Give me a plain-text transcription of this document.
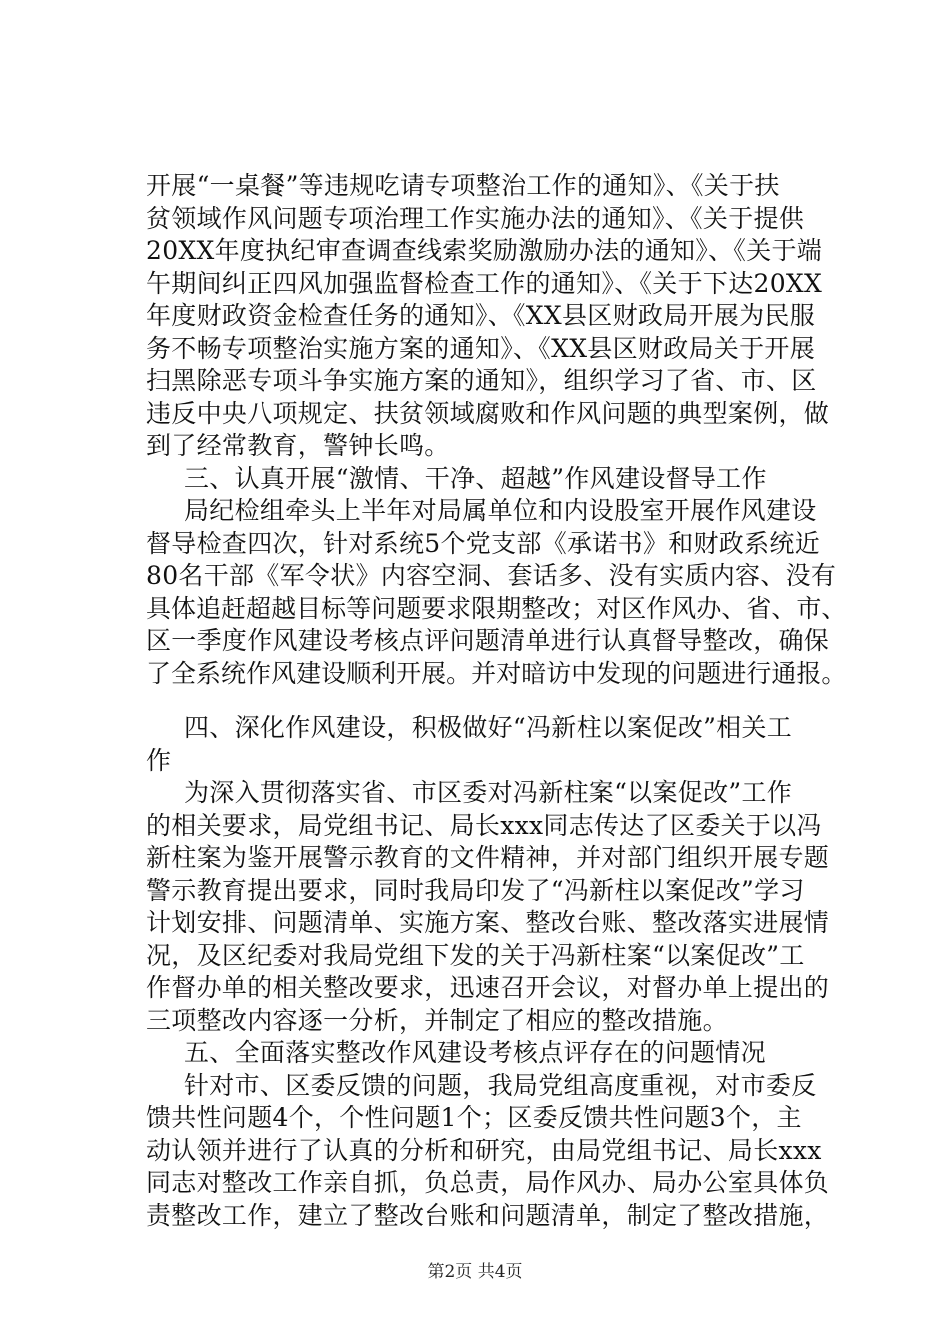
开展“一桌餐”等违规吃请专项整治工作的通知》、《关于扶
贫领域作风问题专项治理工作实施办法的通知》、《关于提供
20XX年度执纪审查调查线索奖励激励办法的通知》、《关于端
午期间纠正四风加强监督检查工作的通知》、《关于下达20XX
年度财政资金检查任务的通知》、《XX县区财政局开展为民服
务不畅专项整治实施方案的通知》、《XX县区财政局关于开展
扫黑除恶专项斗争实施方案的通知》，组织学习了省、市、区
违反中央八项规定、扶贫领域腐败和作风问题的典型案例，做
到了经常教育，警钟长鸣。
三、认真开展“激情、干净、超越”作风建设督导工作
局纪检组牵头上半年对局属单位和内设股室开展作风建设
督导检查四次，针对系统5个党支部《承诺书》和财政系统近
80名干部《军令状》内容空洞、套话多、没有实质内容、没有
具体追赶超越目标等问题要求限期整改；对区作风办、省、市、
区一季度作风建设考核点评问题清单进行认真督导整改，确保
了全系统作风建设顺利开展。并对暗访中发现的问题进行通报。
四、深化作风建设，积极做好“冯新柱以案促改”相关工
作
为深入贯彻落实省、市区委对冯新柱案“以案促改”工作
的相关要求，局党组书记、局长xxx同志传达了区委关于以冯
新柱案为鉴开展警示教育的文件精神，并对部门组织开展专题
警示教育提出要求，同时我局印发了“冯新柱以案促改”学习
计划安排、问题清单、实施方案、整改台账、整改落实进展情
况，及区纪委对我局党组下发的关于冯新柱案“以案促改”工
作督办单的相关整改要求，迅速召开会议，对督办单上提出的
三项整改内容逐一分析，并制定了相应的整改措施。
五、全面落实整改作风建设考核点评存在的问题情况
针对市、区委反馈的问题，我局党组高度重视，对市委反
馈共性问题4个，个性问题1个；区委反馈共性问题3个，主
动认领并进行了认真的分析和研究，由局党组书记、局长xxx
同志对整改工作亲自抓，负总责，局作风办、局办公室具体负
责整改工作，建立了整改台账和问题清单，制定了整改措施，
第2页 共4页
